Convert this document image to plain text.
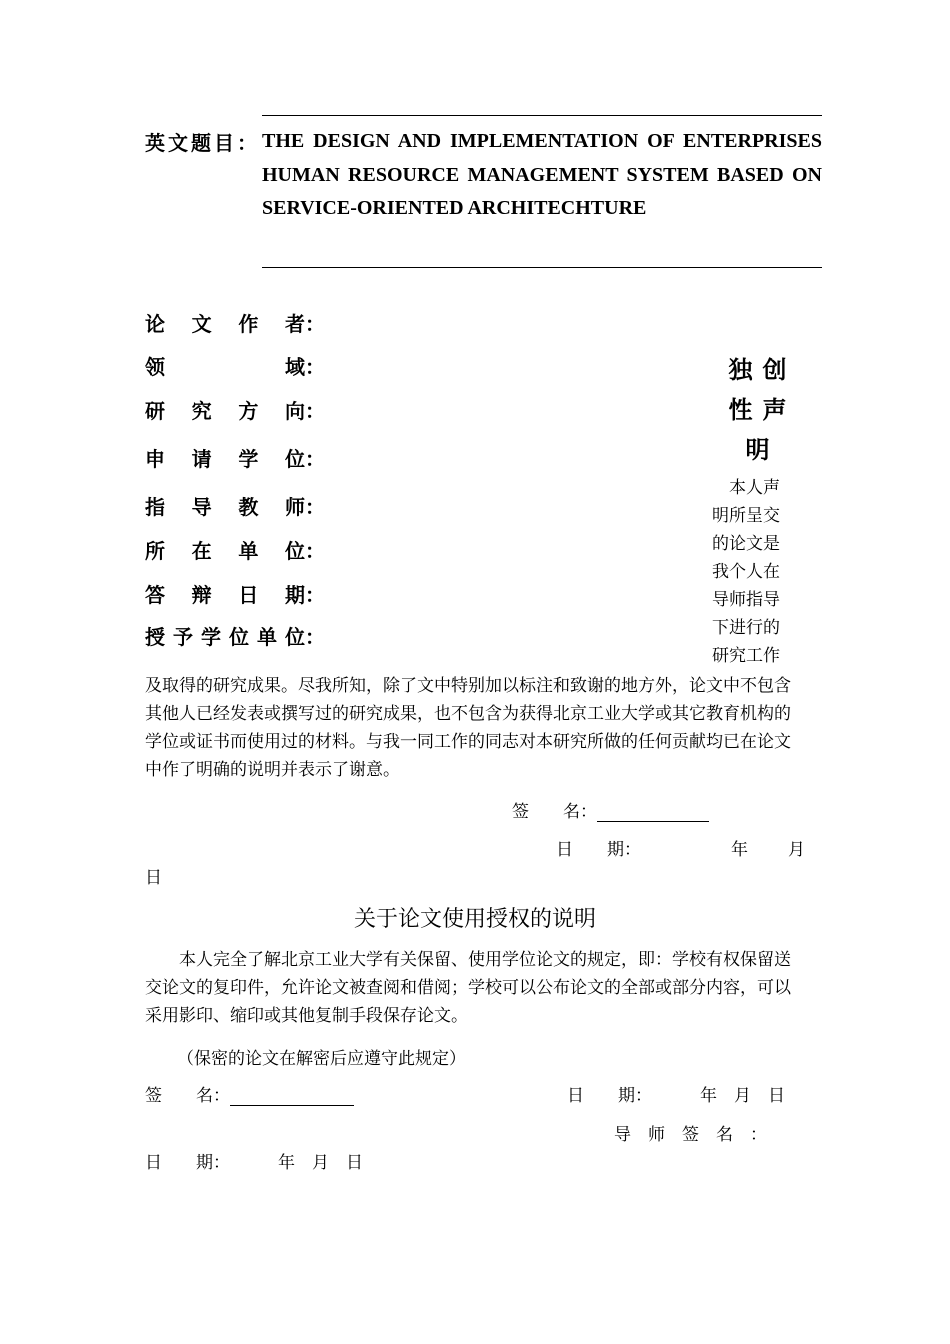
英文题目： THE DESIGN AND IMPLEMENTATION OF ENTERPRISES HUMAN RESOURCE MANAGEMENT SYSTEM BASED ON SERVICE-ORIENTED ARCHITECHTURE
论 文 作 者 ：
领	域 ：
研 究 方 向 ：
申 请 学 位 ：
指 导 教 师 ：
所 在 单 位 ：
答 辩 日 期 ：
授 予 学 位 单 位 ：
独创
性声
明
　本人声
明所呈交
的论文是
我个人在
导师指导
下进行的
研究工作
及取得的研究成果。尽我所知，除了文中特别加以标注和致谢的地方外，论文中不包含其他人已经发表或撰写过的研究成果，也不包含为获得北京工业大学或其它教育机构的学位或证书而使用过的材料。与我一同工作的同志对本研究所做的任何贡献均已在论文中作了明确的说明并表示了谢意。
签　　名：
日　　期：	年 月
日
关于论文使用授权的说明
本人完全了解北京工业大学有关保留、使用学位论文的规定，即：学校有权保留送交论文的复印件，允许论文被查阅和借阅；学校可以公布论文的全部或部分内容，可以采用影印、缩印或其他复制手段保存论文。
（保密的论文在解密后应遵守此规定）
签　　名：	日　　期：	年　月　日
导　师　签　名　：
日　　期：	年　月　日
